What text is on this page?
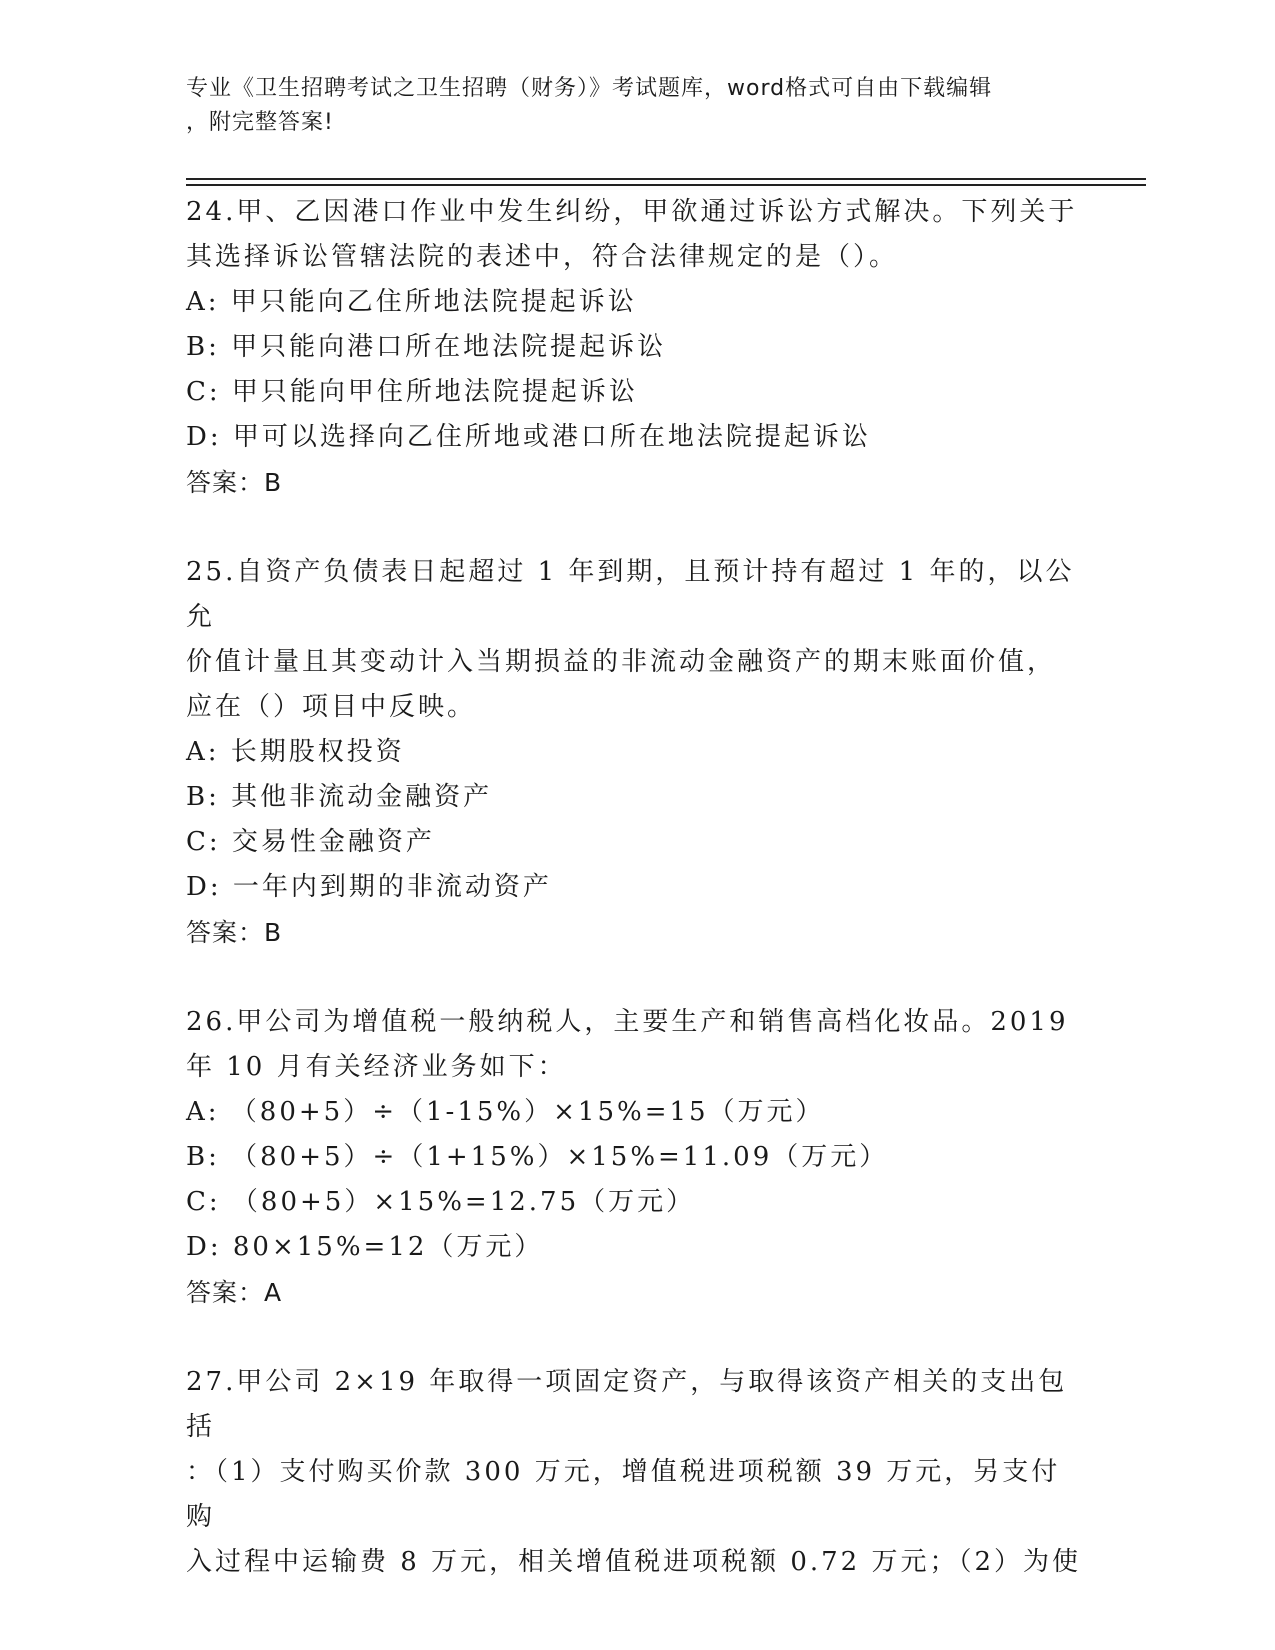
专业《卫生招聘考试之卫生招聘（财务）》考试题库，word格式可自由下载编辑
，附完整答案!
24.甲、乙因港口作业中发生纠纷，甲欲通过诉讼方式解决。下列关于
其选择诉讼管辖法院的表述中，符合法律规定的是（）。
A: 甲只能向乙住所地法院提起诉讼
B: 甲只能向港口所在地法院提起诉讼
C: 甲只能向甲住所地法院提起诉讼
D: 甲可以选择向乙住所地或港口所在地法院提起诉讼
答案：B
25.自资产负债表日起超过 1 年到期，且预计持有超过 1 年的，以公允
价值计量且其变动计入当期损益的非流动金融资产的期末账面价值，
应在（）项目中反映。
A: 长期股权投资
B: 其他非流动金融资产
C: 交易性金融资产
D: 一年内到期的非流动资产
答案：B
26.甲公司为增值税一般纳税人，主要生产和销售高档化妆品。2019
年 10 月有关经济业务如下：
A: （80+5）÷（1-15%）×15%=15（万元）
B: （80+5）÷（1+15%）×15%=11.09（万元）
C: （80+5）×15%=12.75（万元）
D: 80×15%=12（万元）
答案：A
27.甲公司 2×19 年取得一项固定资产，与取得该资产相关的支出包括
：（1）支付购买价款 300 万元，增值税进项税额 39 万元，另支付购
入过程中运输费 8 万元，相关增值税进项税额 0.72 万元；（2）为使
